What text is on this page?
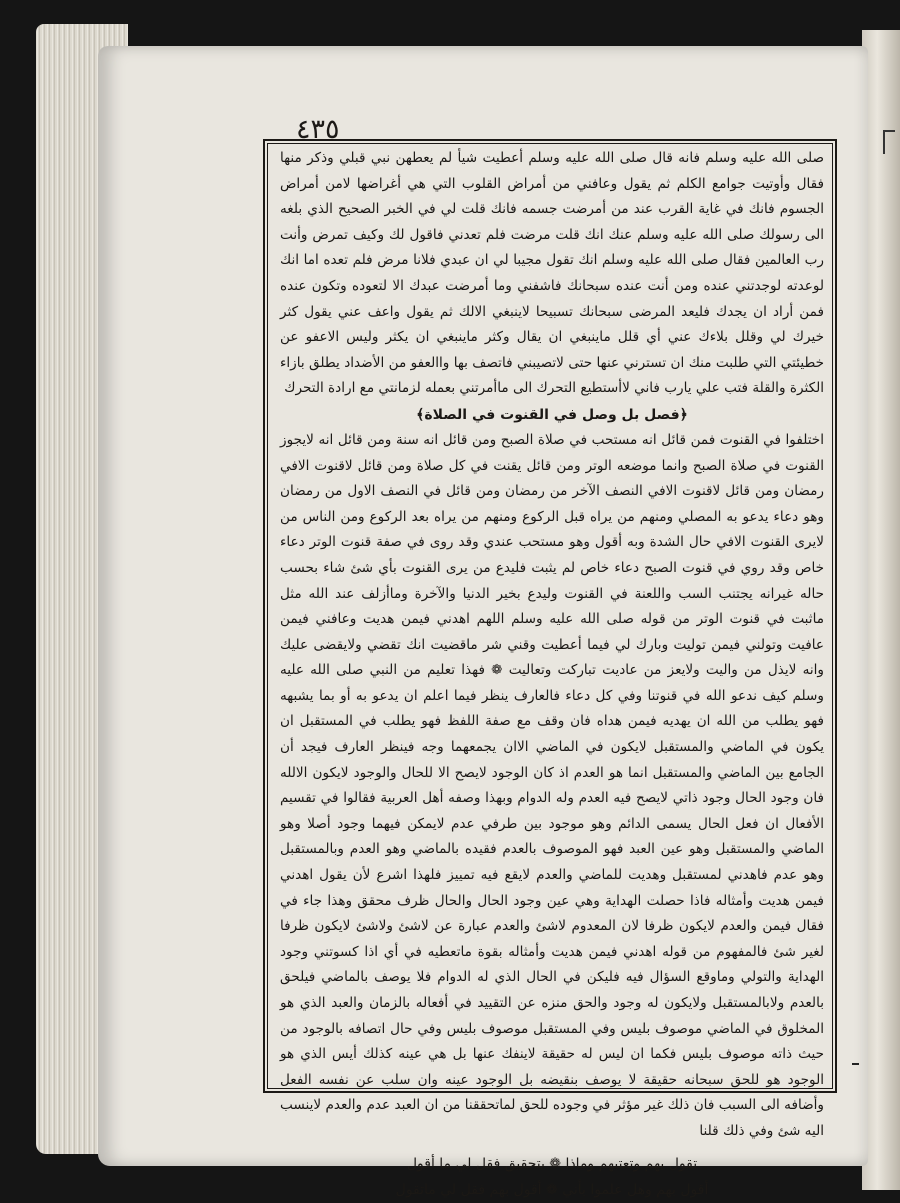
٤٣٥

صلى الله عليه وسلم فانه قال صلى الله عليه وسلم أعطيت شيأ لم يعطهن نبي قبلي وذكر منها فقال وأوتيت جوامع الكلم ثم يقول وعافني من أمراض القلوب التي هي أغراضها لامن أمراض الجسوم فانك في غاية القرب عند من أمرضت جسمه فانك قلت لي في الخبر الصحيح الذي بلغه الى رسولك صلى الله عليه وسلم عنك انك قلت مرضت فلم تعدني فاقول لك وكيف تمرض وأنت رب العالمين فقال صلى الله عليه وسلم انك تقول مجيبا لي ان عبدي فلانا مرض فلم تعده اما انك لوعدته لوجدتني عنده ومن أنت عنده سبحانك فاشفني وما أمرضت عبدك الا لتعوده وتكون عنده فمن أراد ان يجدك فليعد المرضى سبحانك تسبيحا لاينبغي الالك ثم يقول واعف عني يقول كثر خيرك لي وقلل بلاءك عني أي قلل ماينبغي ان يقال وكثر ماينبغي ان يكثر وليس الاعفو عن خطيئتي التي طلبت منك ان تسترني عنها حتى لاتصيبني فاتصف بها واالعفو من الأضداد يطلق بازاء الكثرة والقلة فتب علي يارب فاني لاأستطيع التحرك الى ماأمرتني بعمله لزمانتي مع ارادة التحرك

﴿فصل بل وصل في القنوت في الصلاة﴾

اختلفوا في القنوت فمن قائل انه مستحب في صلاة الصبح ومن قائل انه سنة ومن قائل انه لايجوز القنوت في صلاة الصبح وانما موضعه الوتر ومن قائل يقنت في كل صلاة ومن قائل لاقنوت الافي رمضان ومن قائل لاقنوت الافي النصف الآخر من رمضان ومن قائل في النصف الاول من رمضان وهو دعاء يدعو به المصلي ومنهم من يراه قبل الركوع ومنهم من يراه بعد الركوع ومن الناس من لايرى القنوت الافي حال الشدة وبه أقول وهو مستحب عندي وقد روى في صفة قنوت الوتر دعاء خاص وقد روي في قنوت الصبح دعاء خاص لم يثبت فليدع من يرى القنوت بأي شئ شاء بحسب حاله غيرانه يجتنب السب واللعنة في القنوت وليدع بخير الدنيا والآخرة وماأزلف عند الله مثل ماثبت في قنوت الوتر من قوله صلى الله عليه وسلم اللهم اهدني فيمن هديت وعافني فيمن عافيت وتولني فيمن توليت وبارك لي فيما أعطيت وقني شر ماقضيت انك تقضي ولايقضى عليك وانه لايذل من واليت ولايعز من عاديت تباركت وتعاليت ❁ فهذا تعليم من النبي صلى الله عليه وسلم كيف ندعو الله في قنوتنا وفي كل دعاء فالعارف ينظر فيما اعلم ان يدعو به أو بما يشبهه فهو يطلب من الله ان يهديه فيمن هداه فان وقف مع صفة اللفظ فهو يطلب في المستقبل ان يكون في الماضي والمستقبل لايكون في الماضي الاان يجمعهما وجه فينظر العارف فيجد أن الجامع بين الماضي والمستقبل انما هو العدم اذ كان الوجود لايصح الا للحال والوجود لايكون الالله فان وجود الحال وجود ذاتي لايصح فيه العدم وله الدوام وبهذا وصفه أهل العربية فقالوا في تقسيم الأفعال ان فعل الحال يسمى الدائم وهو موجود بين طرفي عدم لايمكن فيهما وجود أصلا وهو الماضي والمستقبل وهو عين العبد فهو الموصوف بالعدم فقيده بالماضي وهو العدم وبالمستقبل وهو عدم فاهدني لمستقبل وهديت للماضي والعدم لايقع فيه تمييز فلهذا اشرع لأن يقول اهدني فيمن هديت وأمثاله فاذا حصلت الهداية وهي عين وجود الحال والحال ظرف محقق وهذا جاء في فقال فيمن والعدم لايكون ظرفا لان المعدوم لاشئ والعدم عبارة عن لاشئ ولاشئ لايكون ظرفا لغير شئ فالمفهوم من قوله اهدني فيمن هديت وأمثاله بقوة ماتعطيه في أي اذا كسوتني وجود الهداية والتولي وماوقع السؤال فيه فليكن في الحال الذي له الدوام فلا يوصف بالماضي فيلحق بالعدم ولابالمستقبل ولايكون له وجود والحق منزه عن التقييد في أفعاله بالزمان والعبد الذي هو المخلوق في الماضي موصوف بليس وفي المستقبل موصوف بليس وفي حال اتصافه بالوجود من حيث ذاته موصوف بليس فكما ان ليس له حقيقة لاينفك عنها بل هي عينه كذلك أيس الذي هو الوجود هو للحق سبحانه حقيقة لا يوصف بنقيضه بل الوجود عينه وان سلب عن نفسه الفعل وأضافه الى السبب فان ذلك غير مؤثر في وجوده للحق لماتحققنا من ان العبد عدم والعدم لاينسب اليه شئ وفي ذلك قلنا

تقول بهم وتعتبهم وماذا ❁ بتحقيق فقل لي ما أقول
أقول بهم وهل علموا بأني ❁ أقول بهم فقل لي ماتقول
